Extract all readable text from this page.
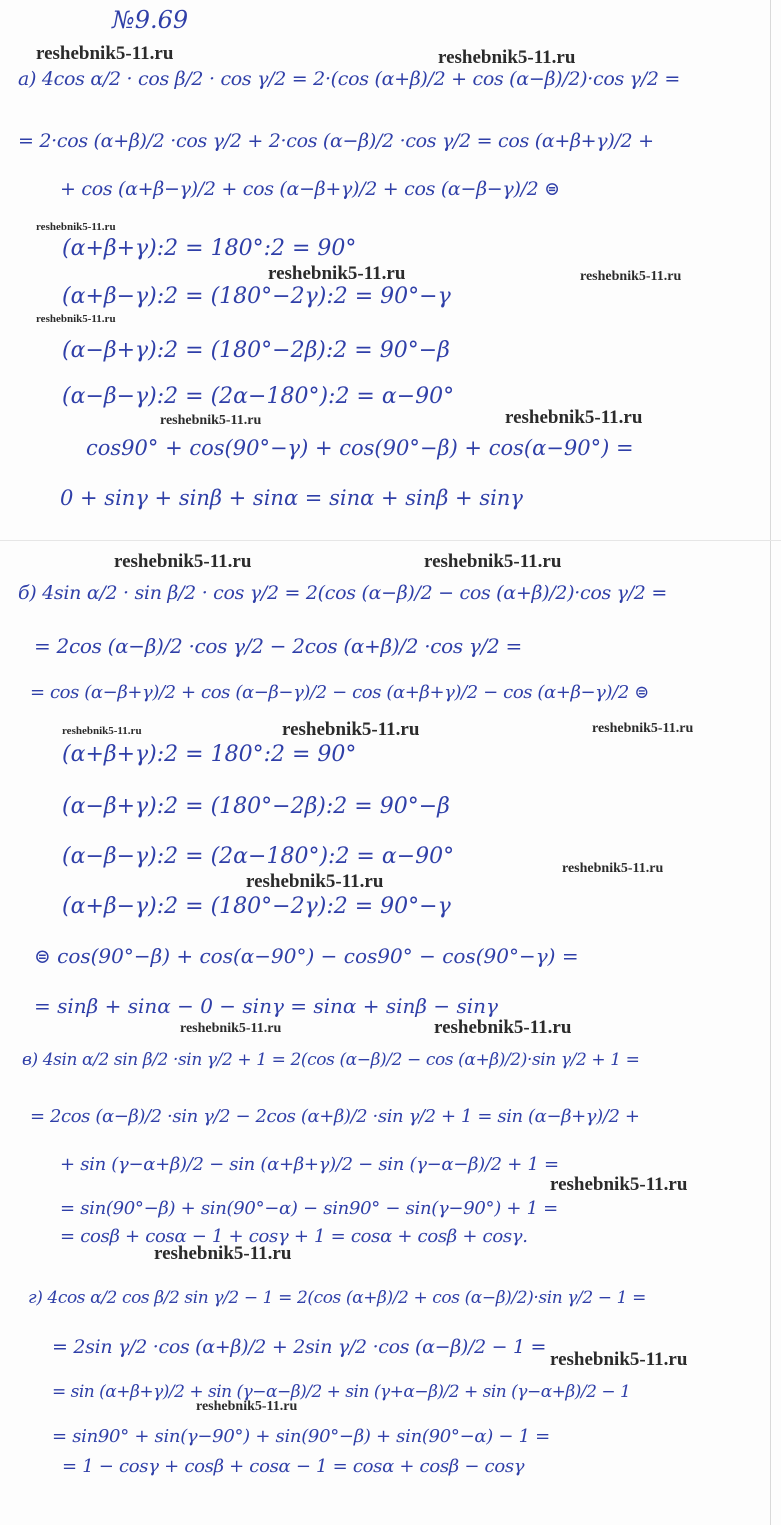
№9.69
а) 4cos α/2 · cos β/2 · cos γ/2 = 2·(cos (α+β)/2 + cos (α−β)/2)·cos γ/2 =
= 2·cos (α+β)/2 ·cos γ/2 + 2·cos (α−β)/2 ·cos γ/2 = cos (α+β+γ)/2 +
+ cos (α+β−γ)/2 + cos (α−β+γ)/2 + cos (α−β−γ)/2 ⊜
(α+β+γ):2 = 180°:2 = 90°
(α+β−γ):2 = (180°−2γ):2 = 90°−γ
(α−β+γ):2 = (180°−2β):2 = 90°−β
(α−β−γ):2 = (2α−180°):2 = α−90°
cos90° + cos(90°−γ) + cos(90°−β) + cos(α−90°) =
0 + sinγ + sinβ + sinα = sinα + sinβ + sinγ
б) 4sin α/2 · sin β/2 · cos γ/2 = 2(cos (α−β)/2 − cos (α+β)/2)·cos γ/2 =
= 2cos (α−β)/2 ·cos γ/2 − 2cos (α+β)/2 ·cos γ/2 =
= cos (α−β+γ)/2 + cos (α−β−γ)/2 − cos (α+β+γ)/2 − cos (α+β−γ)/2 ⊜
(α+β+γ):2 = 180°:2 = 90°
(α−β+γ):2 = (180°−2β):2 = 90°−β
(α−β−γ):2 = (2α−180°):2 = α−90°
(α+β−γ):2 = (180°−2γ):2 = 90°−γ
⊜ cos(90°−β) + cos(α−90°) − cos90° − cos(90°−γ) =
= sinβ + sinα − 0 − sinγ = sinα + sinβ − sinγ
в) 4sin α/2 sin β/2 ·sin γ/2 + 1 = 2(cos (α−β)/2 − cos (α+β)/2)·sin γ/2 + 1 =
= 2cos (α−β)/2 ·sin γ/2 − 2cos (α+β)/2 ·sin γ/2 + 1 = sin (α−β+γ)/2 +
+ sin (γ−α+β)/2 − sin (α+β+γ)/2 − sin (γ−α−β)/2 + 1 =
= sin(90°−β) + sin(90°−α) − sin90° − sin(γ−90°) + 1 =
= cosβ + cosα − 1 + cosγ + 1 = cosα + cosβ + cosγ.
г) 4cos α/2 cos β/2 sin γ/2 − 1 = 2(cos (α+β)/2 + cos (α−β)/2)·sin γ/2 − 1 =
= 2sin γ/2 ·cos (α+β)/2 + 2sin γ/2 ·cos (α−β)/2 − 1 =
= sin (α+β+γ)/2 + sin (γ−α−β)/2 + sin (γ+α−β)/2 + sin (γ−α+β)/2 − 1
= sin90° + sin(γ−90°) + sin(90°−β) + sin(90°−α) − 1 =
= 1 − cosγ + cosβ + cosα − 1 = cosα + cosβ − cosγ
reshebnik5-11.ru	reshebnik5-11.ru
reshebnik5-11.ru
reshebnik5-11.ru	reshebnik5-11.ru
reshebnik5-11.ru
reshebnik5-11.ru	reshebnik5-11.ru
reshebnik5-11.ru	reshebnik5-11.ru
reshebnik5-11.ru	reshebnik5-11.ru	reshebnik5-11.ru
reshebnik5-11.ru
reshebnik5-11.ru
reshebnik5-11.ru	reshebnik5-11.ru
reshebnik5-11.ru
reshebnik5-11.ru
reshebnik5-11.ru
reshebnik5-11.ru
